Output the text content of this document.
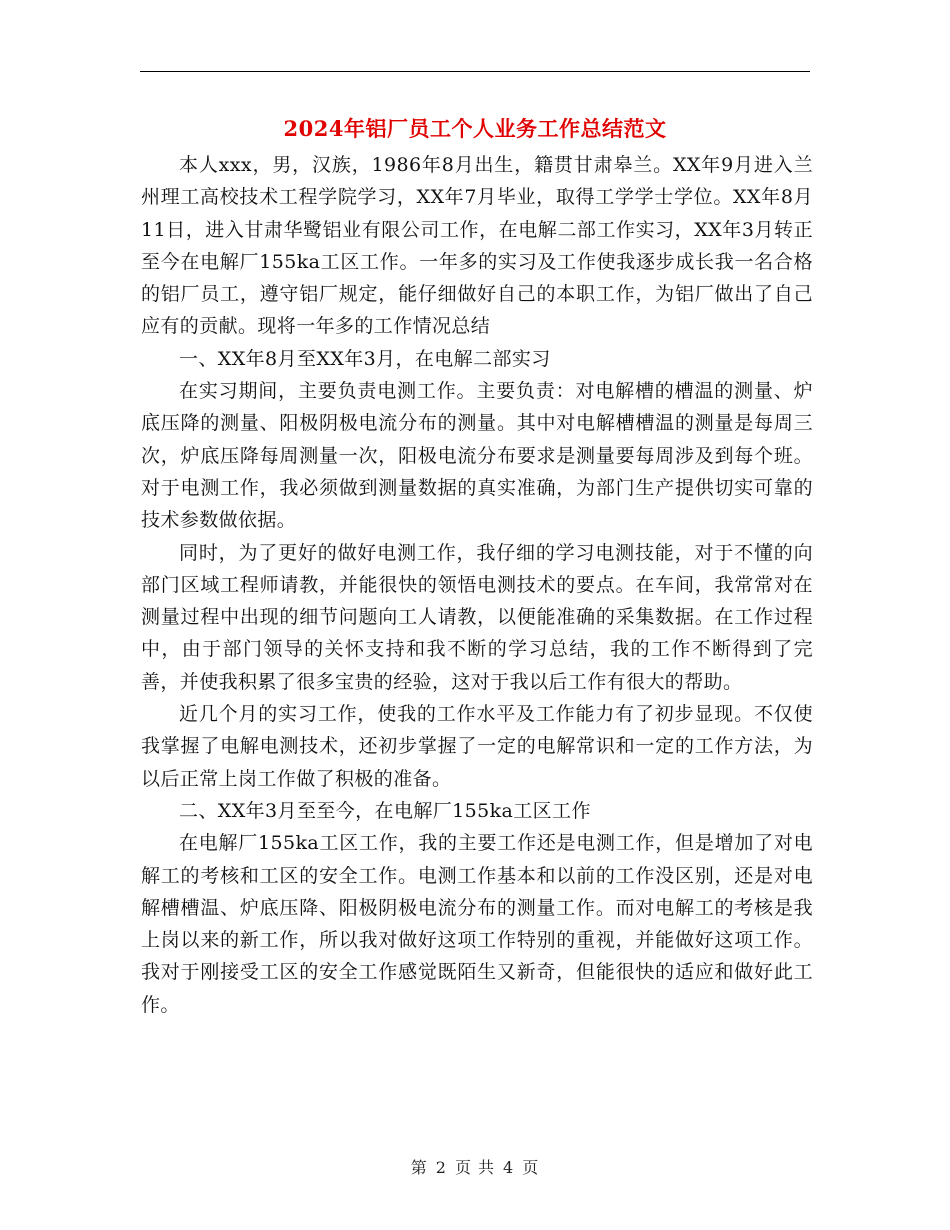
2024年铝厂员工个人业务工作总结范文

本人xxx，男，汉族，1986年8月出生，籍贯甘肃皋兰。XX年9月进入兰州理工高校技术工程学院学习，XX年7月毕业，取得工学学士学位。XX年8月11日，进入甘肃华鹭铝业有限公司工作，在电解二部工作实习，XX年3月转正至今在电解厂155ka工区工作。一年多的实习及工作使我逐步成长我一名合格的铝厂员工，遵守铝厂规定，能仔细做好自己的本职工作，为铝厂做出了自己应有的贡献。现将一年多的工作情况总结

一、XX年8月至XX年3月，在电解二部实习

在实习期间，主要负责电测工作。主要负责：对电解槽的槽温的测量、炉底压降的测量、阳极阴极电流分布的测量。其中对电解槽槽温的测量是每周三次，炉底压降每周测量一次，阳极电流分布要求是测量要每周涉及到每个班。对于电测工作，我必须做到测量数据的真实准确，为部门生产提供切实可靠的技术参数做依据。

同时，为了更好的做好电测工作，我仔细的学习电测技能，对于不懂的向部门区域工程师请教，并能很快的领悟电测技术的要点。在车间，我常常对在测量过程中出现的细节问题向工人请教，以便能准确的采集数据。在工作过程中，由于部门领导的关怀支持和我不断的学习总结，我的工作不断得到了完善，并使我积累了很多宝贵的经验，这对于我以后工作有很大的帮助。

近几个月的实习工作，使我的工作水平及工作能力有了初步显现。不仅使我掌握了电解电测技术，还初步掌握了一定的电解常识和一定的工作方法，为以后正常上岗工作做了积极的准备。

二、XX年3月至至今，在电解厂155ka工区工作

在电解厂155ka工区工作，我的主要工作还是电测工作，但是增加了对电解工的考核和工区的安全工作。电测工作基本和以前的工作没区别，还是对电解槽槽温、炉底压降、阳极阴极电流分布的测量工作。而对电解工的考核是我上岗以来的新工作，所以我对做好这项工作特别的重视，并能做好这项工作。我对于刚接受工区的安全工作感觉既陌生又新奇，但能很快的适应和做好此工作。

第 2 页 共 4 页
